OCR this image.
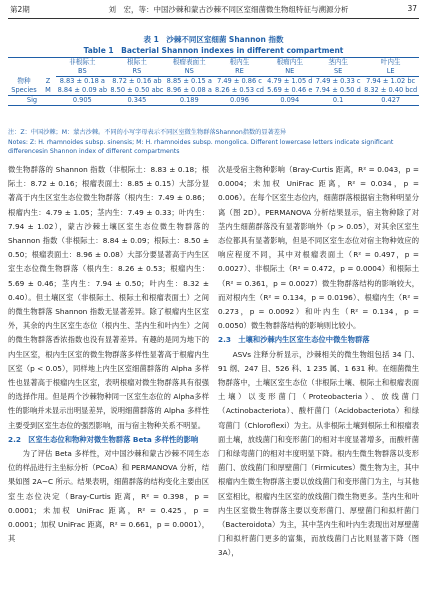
第2期	刘　宏，等：中国沙棘和蒙古沙棘不同区室细菌微生物组特征与溯源分析	37
表 1　沙棘不同区室细菌 Shannon 指数
Table 1　Bacterial Shannon indexes in different compartment
		非根际土	根际土	根瘤表面土	根内生	根瘤内生	茎内生	叶内生
		BS	RS	NS	RE	NE	SE	LE
物种
Species	Z	8.83 ± 0.18 a	8.72 ± 0.16 ab	8.85 ± 0.15 a	7.49 ± 0.86 c	4.79 ± 1.05 d	7.49 ± 0.33 c	7.94 ± 1.02 bc
	M	8.84 ± 0.09 ab	8.50 ± 0.50 abc	8.96 ± 0.08 a	8.26 ± 0.53 cd	5.69 ± 0.46 e	7.94 ± 0.50 d	8.32 ± 0.40 bcd
Sig		0.905	0.345	0.189	0.096	0.094	0.1	0.427
注：Z：中国沙棘；M：蒙古沙棘。不同的小写字母表示不同区室微生物群落Shannon指数的显著差异
Notes: Z: H. rhamnoides subsp. sinensis; M: H. rhamnoides subsp. mongolica. Different lowercase letters indicate significant differencesin Shannon index of different compartments

微生物群落的 Shannon 指数（非根际土：8.83 ± 0.18；根际土：8.72 ± 0.16；根瘤表面土：8.85 ± 0.15）大部分显著高于内生区室生态位微生物群落（根内生：7.49 ± 0.86；根瘤内生：4.79 ± 1.05；茎内生：7.49 ± 0.33；叶内生：7.94 ± 1.02），蒙古沙棘土壤区室生态位微生物群落的 Shannon 指数（非根际土：8.84 ± 0.09；根际土：8.50 ± 0.50；根瘤表面土：8.96 ± 0.08）大部分要显著高于内生区室生态位微生物群落（根内生：8.26 ± 0.53；根瘤内生：5.69 ± 0.46；茎内生：7.94 ± 0.50；叶内生：8.32 ± 0.40）。但土壤区室（非根际土、根际土和根瘤表面土）之间的微生物群落 Shannon 指数无显著差异。除了根瘤内生区室外，其余的内生区室生态位（根内生、茎内生和叶内生）之间的微生物群落香浓指数也没有显著差异。有趣的是同为地下的内生区室，根内生区室的微生物群落多样性显著高于根瘤内生区室（p < 0.05），同样地上内生区室细菌群落的 Alpha 多样性也显著高于根瘤内生区室，表明根瘤对微生物群落具有很强的选择作用。但是两个沙棘物种同一区室生态位的 Alpha多样性的影响并未显示出明显差异，说明细菌群落的 Alpha 多样性主要受到区室生态位的强烈影响，而与宿主物种关系不明显。

2.2　区室生态位和物种对微生物群落 Beta 多样性的影响

为了评估 Beta 多样性，对中国沙棘和蒙古沙棘不同生态位的样品进行主坐标分析（PCoA）和 PERMANOVA 分析，结果如图 2A~C 所示。结果表明，细菌群落的结构变化主要由区室生态位决定（Bray-Curtis 距离，R² = 0.398，p = 0.0001；未加权 UniFrac 距离，R² = 0.425，p = 0.0001；加权 UniFrac 距离，R² = 0.661，p = 0.0001），其

次是受宿主物种影响（Bray-Curtis 距离，R² = 0.043，p = 0.0004；未加权 UniFrac 距离，R² = 0.034，p = 0.006）。在每个区室生态位内，细菌群落根据宿主物种明显分离（图 2D）。PERMANOVA 分析结果显示，宿主物种除了对茎内生细菌群落没有显著影响外（p > 0.05），对其余区室生态位都具有显著影响，但是不同区室生态位对宿主物种效应的响应程度不同，其中对根瘤表面土（R² = 0.497，p = 0.0027）、非根际土（R² = 0.472，p = 0.0004）和根际土（R² = 0.361，p = 0.0027）微生物群落结构的影响较大，而对根内生（R² = 0.134，p = 0.0196）、根瘤内生（R² = 0.273，p = 0.0092）和叶内生（R² = 0.134，p = 0.0050）微生物群落结构的影响则比较小。

2.3　土壤和沙棘内生区室生态位中微生物群落

ASVs 注释分析显示，沙棘相关的微生物组包括 34 门、91 纲、247 目、526 科、1 235 属、1 631 种。在细菌微生物群落中，土壤区室生态位（非根际土壤、根际土和根瘤表面土壤）以变形菌门（Proteobacteria）、放线菌门（Actinobacteriota）、酸杆菌门（Acidobacteriota）和绿弯菌门（Chloroflexi）为主。从非根际土壤到根际土和根瘤表面土壤，放线菌门和变形菌门的相对丰度显著增多，而酸杆菌门和绿弯菌门的相对丰度明显下降。根内生微生物群落以变形菌门、放线菌门和厚壁菌门（Firmicutes）微生物为主，其中根瘤内生微生物群落主要以放线菌门和变形菌门为主，与其他区室相比，根瘤内生区室的放线菌门微生物更多。茎内生和叶内生区室微生物群落主要以变形菌门、厚壁菌门和拟杆菌门（Bacteroidota）为主，其中茎内生和叶内生表现出对厚壁菌门和拟杆菌门更多的富集，而放线菌门占比则显著下降（图 3A），
